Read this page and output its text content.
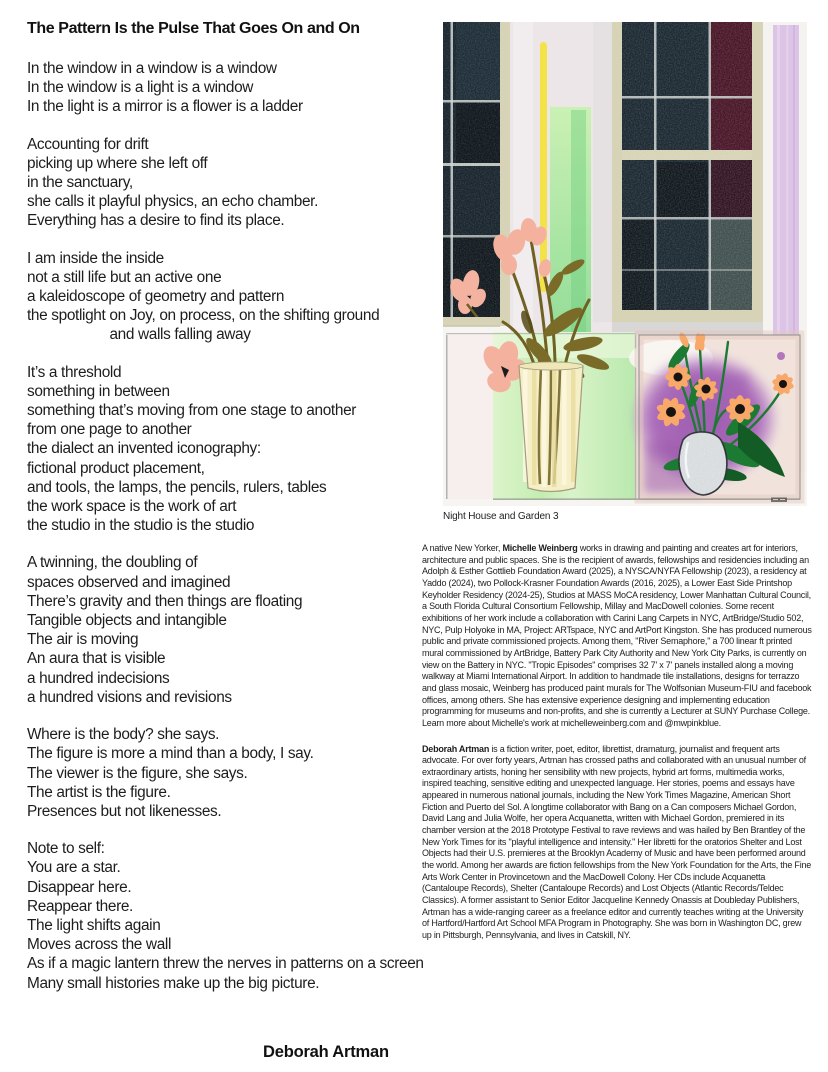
The Pattern Is the Pulse That Goes On and On
In the window in a window is a window
In the window is a light is a window
In the light is a mirror is a flower is a ladder
Accounting for drift
picking up where she left off
in the sanctuary,
she calls it playful physics, an echo chamber.
Everything has a desire to find its place.
I am inside the inside
not a still life but an active one
a kaleidoscope of geometry and pattern
the spotlight on Joy, on process, on the shifting ground
and walls falling away
It’s a threshold
something in between
something that’s moving from one stage to another
from one page to another
the dialect an invented iconography:
fictional product placement,
and tools, the lamps, the pencils, rulers, tables
the work space is the work of art
the studio in the studio is the studio
A twinning, the doubling of
spaces observed and imagined
There’s gravity and then things are floating
Tangible objects and intangible
The air is moving
An aura that is visible
a hundred indecisions
a hundred visions and revisions
Where is the body? she says.
The figure is more a mind than a body, I say.
The viewer is the figure, she says.
The artist is the figure.
Presences but not likenesses.
Note to self:
You are a star.
Disappear here.
Reappear there.
The light shifts again
Moves across the wall
As if a magic lantern threw the nerves in patterns on a screen
Many small histories make up the big picture.
Deborah Artman
Night House and Garden 3

A native New Yorker, Michelle Weinberg works in drawing and painting and creates art for interiors, architecture and public spaces. She is the recipient of awards, fellowships and residencies including an Adolph & Esther Gottlieb Foundation Award (2025), a NYSCA/NYFA Fellowship (2023), a residency at Yaddo (2024), two Pollock-Krasner Foundation Awards (2016, 2025), a Lower East Side Printshop Keyholder Residency (2024-25), Studios at MASS MoCA residency, Lower Manhattan Cultural Council, a South Florida Cultural Consortium Fellowship, Millay and MacDowell colonies. Some recent exhibitions of her work include a collaboration with Carini Lang Carpets in NYC, ArtBridge/Studio 502, NYC, Pulp Holyoke in MA, Project: ARTspace, NYC and ArtPort Kingston. She has produced numerous public and private commissioned projects. Among them, "River Semaphore," a 700 linear ft printed mural commissioned by ArtBridge, Battery Park City Authority and New York City Parks, is currently on view on the Battery in NYC. "Tropic Episodes" comprises 32 7' x 7' panels installed along a moving walkway at Miami International Airport. In addition to handmade tile installations, designs for terrazzo and glass mosaic, Weinberg has produced paint murals for The Wolfsonian Museum-FIU and facebook offices, among others. She has extensive experience designing and implementing education programming for museums and non-profits, and she is currently a Lecturer at SUNY Purchase College. Learn more about Michelle's work at michelleweinberg.com and @mwpinkblue.

Deborah Artman is a fiction writer, poet, editor, librettist, dramaturg, journalist and frequent arts advocate. For over forty years, Artman has crossed paths and collaborated with an unusual number of extraordinary artists, honing her sensibility with new projects, hybrid art forms, multimedia works, inspired teaching, sensitive editing and unexpected language. Her stories, poems and essays have appeared in numerous national journals, including the New York Times Magazine, American Short Fiction and Puerto del Sol. A longtime collaborator with Bang on a Can composers Michael Gordon, David Lang and Julia Wolfe, her opera Acquanetta, written with Michael Gordon, premiered in its chamber version at the 2018 Prototype Festival to rave reviews and was hailed by Ben Brantley of the New York Times for its "playful intelligence and intensity." Her libretti for the oratorios Shelter and Lost Objects had their U.S. premieres at the Brooklyn Academy of Music and have been performed around the world. Among her awards are fiction fellowships from the New York Foundation for the Arts, the Fine Arts Work Center in Provincetown and the MacDowell Colony. Her CDs include Acquanetta (Cantaloupe Records), Shelter (Cantaloupe Records) and Lost Objects (Atlantic Records/Teldec Classics). A former assistant to Senior Editor Jacqueline Kennedy Onassis at Doubleday Publishers, Artman has a wide-ranging career as a freelance editor and currently teaches writing at the University of Hartford/Hartford Art School MFA Program in Photography. She was born in Washington DC, grew up in Pittsburgh, Pennsylvania, and lives in Catskill, NY.
